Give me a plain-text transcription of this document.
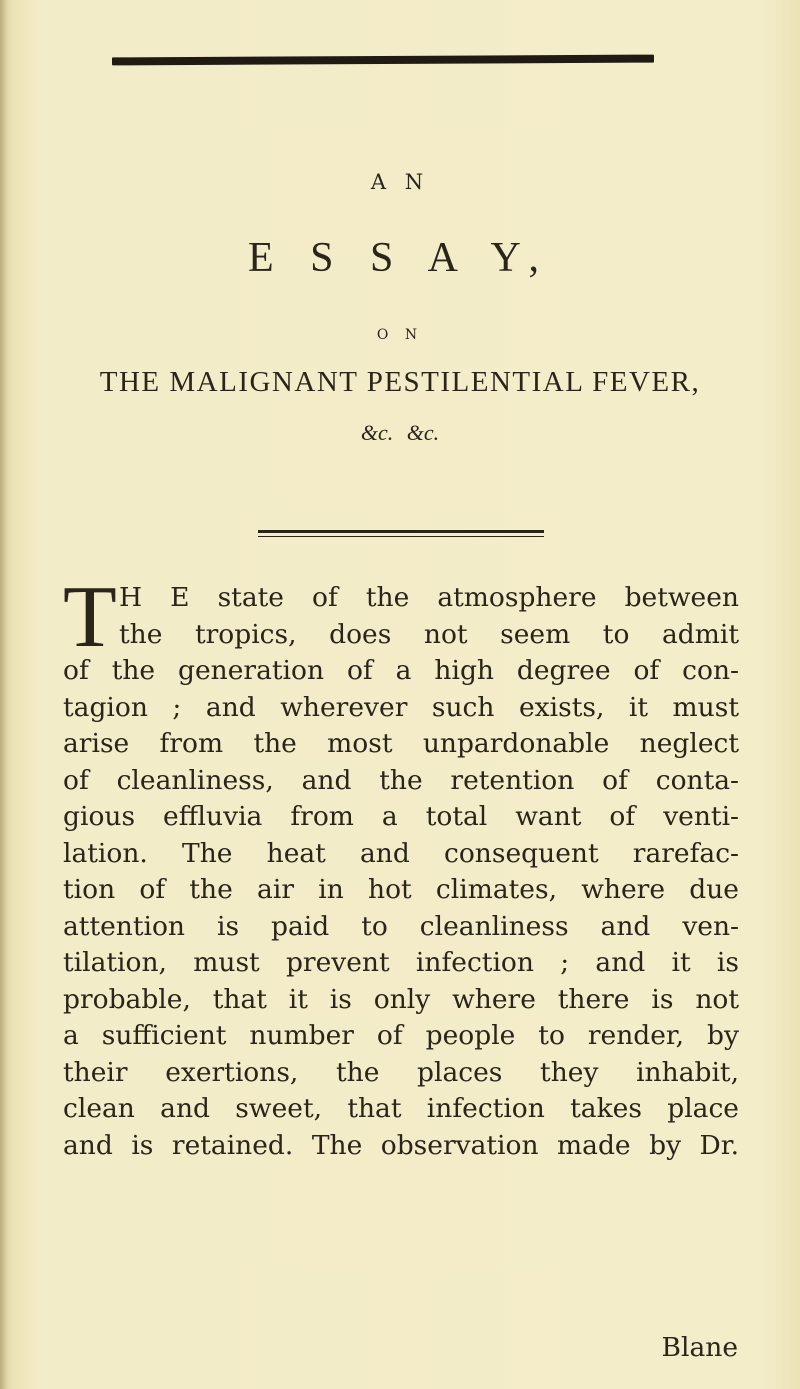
A N
E S S A Y,
O N
THE MALIGNANT PESTILENTIAL FEVER,
&c. &c.
T H E state of the atmosphere between
the tropics, does not seem to admit
of the generation of a high degree of con-
tagion ; and wherever such exists, it must
arise from the most unpardonable neglect
of cleanliness, and the retention of conta-
gious effluvia from a total want of venti-
lation. The heat and consequent rarefac-
tion of the air in hot climates, where due
attention is paid to cleanliness and ven-
tilation, must prevent infection ; and it is
probable, that it is only where there is not
a sufficient number of people to render, by
their exertions, the places they inhabit,
clean and sweet, that infection takes place
and is retained. The observation made by Dr.
Blane
